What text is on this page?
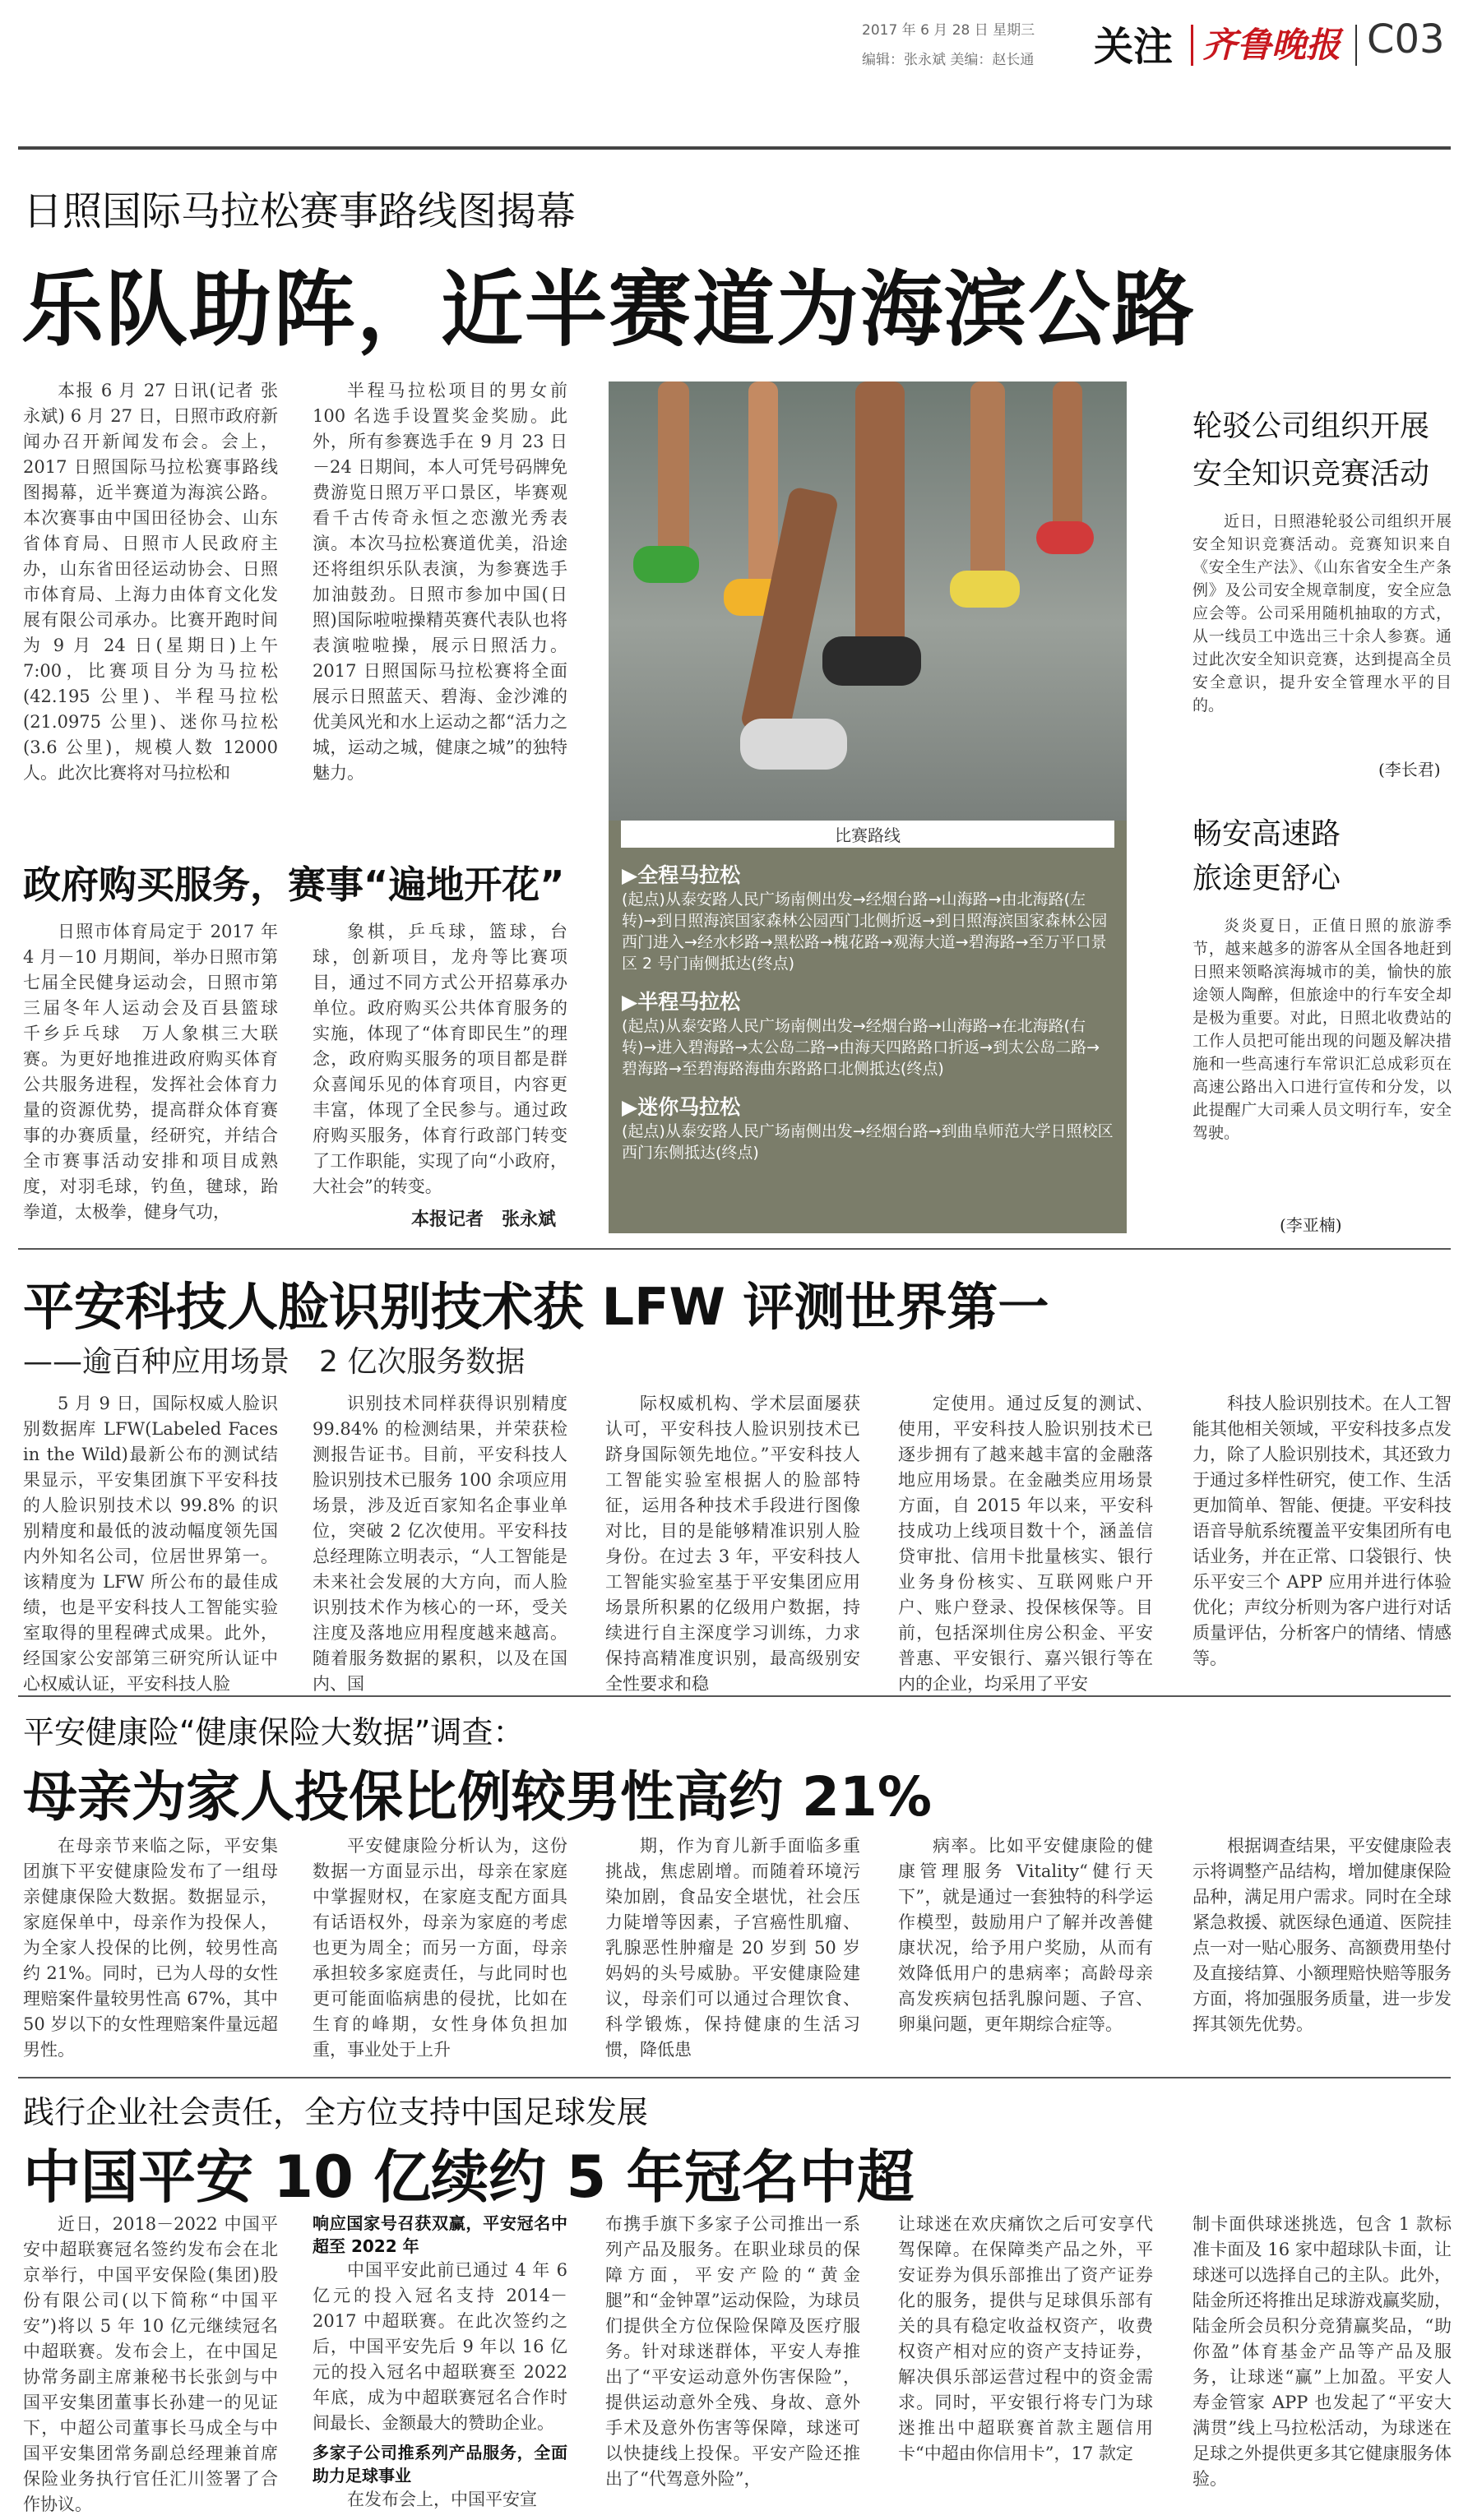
2017 年 6 月 28 日 星期三
编辑：张永斌 美编：赵长通 关注 齐鲁晚报 C03
日照国际马拉松赛事路线图揭幕
乐队助阵，近半赛道为海滨公路

本报 6 月 27 日讯(记者 张永斌) 6 月 27 日，日照市政府新闻办召开新闻发布会。会上，2017 日照国际马拉松赛事路线图揭幕，近半赛道为海滨公路。本次赛事由中国田径协会、山东省体育局、日照市人民政府主办，山东省田径运动协会、日照市体育局、上海力由体育文化发展有限公司承办。比赛开跑时间为 9 月 24 日(星期日)上午 7:00，比赛项目分为马拉松(42.195 公里)、半程马拉松(21.0975 公里)、迷你马拉松(3.6 公里)，规模人数 12000 人。此次比赛将对马拉松和

半程马拉松项目的男女前 100 名选手设置奖金奖励。此外，所有参赛选手在 9 月 23 日－24 日期间，本人可凭号码牌免费游览日照万平口景区，毕赛观看千古传奇永恒之恋激光秀表演。本次马拉松赛道优美，沿途还将组织乐队表演，为参赛选手加油鼓劲。日照市参加中国(日照)国际啦啦操精英赛代表队也将表演啦啦操，展示日照活力。2017 日照国际马拉松赛将全面展示日照蓝天、碧海、金沙滩的优美风光和水上运动之都“活力之城，运动之城，健康之城”的独特魅力。

比赛路线
▶全程马拉松
(起点)从泰安路人民广场南侧出发→经烟台路→山海路→由北海路(左转)→到日照海滨国家森林公园西门北侧折返→到日照海滨国家森林公园西门进入→经水杉路→黑松路→槐花路→观海大道→碧海路→至万平口景区 2 号门南侧抵达(终点)
▶半程马拉松
(起点)从泰安路人民广场南侧出发→经烟台路→山海路→在北海路(右转)→进入碧海路→太公岛二路→由海天四路路口折返→到太公岛二路→碧海路→至碧海路海曲东路路口北侧抵达(终点)
▶迷你马拉松
(起点)从泰安路人民广场南侧出发→经烟台路→到曲阜师范大学日照校区西门东侧抵达(终点)
政府购买服务，赛事“遍地开花”

日照市体育局定于 2017 年 4 月－10 月期间，举办日照市第七届全民健身运动会，日照市第三届冬年人运动会及百县篮球　千乡乒乓球　万人象棋三大联赛。为更好地推进政府购买体育公共服务进程，发挥社会体育力量的资源优势，提高群众体育赛事的办赛质量，经研究，并结合全市赛事活动安排和项目成熟度，对羽毛球，钓鱼，毽球，跆拳道，太极拳，健身气功，

象棋，乒乓球，篮球，台球，创新项目，龙舟等比赛项目，通过不同方式公开招募承办单位。政府购买公共体育服务的实施，体现了“体育即民生”的理念，政府购买服务的项目都是群众喜闻乐见的体育项目，内容更丰富，体现了全民参与。通过政府购买服务，体育行政部门转变了工作职能，实现了向“小政府，大社会”的转变。

本报记者　张永斌
轮驳公司组织开展
安全知识竞赛活动

近日，日照港轮驳公司组织开展安全知识竞赛活动。竞赛知识来自《安全生产法》、《山东省安全生产条例》及公司安全规章制度，安全应急应会等。公司采用随机抽取的方式，从一线员工中选出三十余人参赛。通过此次安全知识竞赛，达到提高全员安全意识，提升安全管理水平的目的。

(李长君)
畅安高速路
旅途更舒心

炎炎夏日，正值日照的旅游季节，越来越多的游客从全国各地赶到日照来领略滨海城市的美，愉快的旅途领人陶醉，但旅途中的行车安全却是极为重要。对此，日照北收费站的工作人员把可能出现的问题及解决措施和一些高速行车常识汇总成彩页在高速公路出入口进行宣传和分发，以此提醒广大司乘人员文明行车，安全驾驶。

(李亚楠)
平安科技人脸识别技术获 LFW 评测世界第一
——逾百种应用场景　2 亿次服务数据

5 月 9 日，国际权威人脸识别数据库 LFW(Labeled Faces in the Wild)最新公布的测试结果显示，平安集团旗下平安科技的人脸识别技术以 99.8% 的识别精度和最低的波动幅度领先国内外知名公司，位居世界第一。该精度为 LFW 所公布的最佳成绩，也是平安科技人工智能实验室取得的里程碑式成果。此外，经国家公安部第三研究所认证中心权威认证，平安科技人脸

识别技术同样获得识别精度 99.84% 的检测结果，并荣获检测报告证书。目前，平安科技人脸识别技术已服务 100 余项应用场景，涉及近百家知名企事业单位，突破 2 亿次使用。平安科技总经理陈立明表示，“人工智能是未来社会发展的大方向，而人脸识别技术作为核心的一环，受关注度及落地应用程度越来越高。随着服务数据的累积，以及在国内、国

际权威机构、学术层面屡获认可，平安科技人脸识别技术已跻身国际领先地位。”平安科技人工智能实验室根据人的脸部特征，运用各种技术手段进行图像对比，目的是能够精准识别人脸身份。在过去 3 年，平安科技人工智能实验室基于平安集团应用场景所积累的亿级用户数据，持续进行自主深度学习训练，力求保持高精准度识别，最高级别安全性要求和稳

定使用。通过反复的测试、使用，平安科技人脸识别技术已逐步拥有了越来越丰富的金融落地应用场景。在金融类应用场景方面，自 2015 年以来，平安科技成功上线项目数十个，涵盖信贷审批、信用卡批量核实、银行业务身份核实、互联网账户开户、账户登录、投保核保等。目前，包括深圳住房公积金、平安普惠、平安银行、嘉兴银行等在内的企业，均采用了平安

科技人脸识别技术。在人工智能其他相关领域，平安科技多点发力，除了人脸识别技术，其还致力于通过多样性研究，使工作、生活更加简单、智能、便捷。平安科技语音导航系统覆盖平安集团所有电话业务，并在正常、口袋银行、快乐平安三个 APP 应用并进行体验优化；声纹分析则为客户进行对话质量评估，分析客户的情绪、情感等。

平安健康险“健康保险大数据”调查：
母亲为家人投保比例较男性高约 21%

在母亲节来临之际，平安集团旗下平安健康险发布了一组母亲健康保险大数据。数据显示，家庭保单中，母亲作为投保人，为全家人投保的比例，较男性高约 21%。同时，已为人母的女性理赔案件量较男性高 67%，其中 50 岁以下的女性理赔案件量远超男性。

平安健康险分析认为，这份数据一方面显示出，母亲在家庭中掌握财权，在家庭支配方面具有话语权外，母亲为家庭的考虑也更为周全；而另一方面，母亲承担较多家庭责任，与此同时也更可能面临病患的侵扰，比如在生育的峰期，女性身体负担加重，事业处于上升

期，作为育儿新手面临多重挑战，焦虑剧增。而随着环境污染加剧，食品安全堪忧，社会压力陡增等因素，子宫癌性肌瘤、乳腺恶性肿瘤是 20 岁到 50 岁妈妈的头号威胁。平安健康险建议，母亲们可以通过合理饮食、科学锻炼，保持健康的生活习惯，降低患

病率。比如平安健康险的健康管理服务 Vitality“健行天下”，就是通过一套独特的科学运作模型，鼓励用户了解并改善健康状况，给予用户奖励，从而有效降低用户的患病率；高龄母亲高发疾病包括乳腺问题、子宫、卵巢问题，更年期综合症等。

根据调查结果，平安健康险表示将调整产品结构，增加健康保险品种，满足用户需求。同时在全球紧急救援、就医绿色通道、医院挂点一对一贴心服务、高额费用垫付及直接结算、小额理赔快赔等服务方面，将加强服务质量，进一步发挥其领先优势。

践行企业社会责任，全方位支持中国足球发展
中国平安 10 亿续约 5 年冠名中超

近日，2018－2022 中国平安中超联赛冠名签约发布会在北京举行，中国平安保险(集团)股份有限公司(以下简称“中国平安”)将以 5 年 10 亿元继续冠名中超联赛。发布会上，在中国足协常务副主席兼秘书长张剑与中国平安集团董事长孙建一的见证下，中超公司董事长马成全与中国平安集团常务副总经理兼首席保险业务执行官任汇川签署了合作协议。

响应国家号召获双赢，平安冠名中超至 2022 年

中国平安此前已通过 4 年 6 亿元的投入冠名支持 2014－2017 中超联赛。在此次签约之后，中国平安先后 9 年以 16 亿元的投入冠名中超联赛至 2022 年底，成为中超联赛冠名合作时间最长、金额最大的赞助企业。

多家子公司推系列产品服务，全面助力足球事业

在发布会上，中国平安宣

布携手旗下多家子公司推出一系列产品及服务。在职业球员的保障方面，平安产险的“黄金腿”和“金钟罩”运动保险，为球员们提供全方位保险保障及医疗服务。针对球迷群体，平安人寿推出了“平安运动意外伤害保险”，提供运动意外全残、身故、意外手术及意外伤害等保障，球迷可以快捷线上投保。平安产险还推出了“代驾意外险”，

让球迷在欢庆痛饮之后可安享代驾保障。在保障类产品之外，平安证券为俱乐部推出了资产证券化的服务，提供与足球俱乐部有关的具有稳定收益权资产，收费权资产相对应的资产支持证券，解决俱乐部运营过程中的资金需求。同时，平安银行将专门为球迷推出中超联赛首款主题信用卡“中超由你信用卡”，17 款定

制卡面供球迷挑选，包含 1 款标准卡面及 16 家中超球队卡面，让球迷可以选择自己的主队。此外，陆金所还将推出足球游戏赢奖励，陆金所会员积分竞猜赢奖品，“助你盈”体育基金产品等产品及服务，让球迷“赢”上加盈。平安人寿金管家 APP 也发起了“平安大满贯”线上马拉松活动，为球迷在足球之外提供更多其它健康服务体验。
